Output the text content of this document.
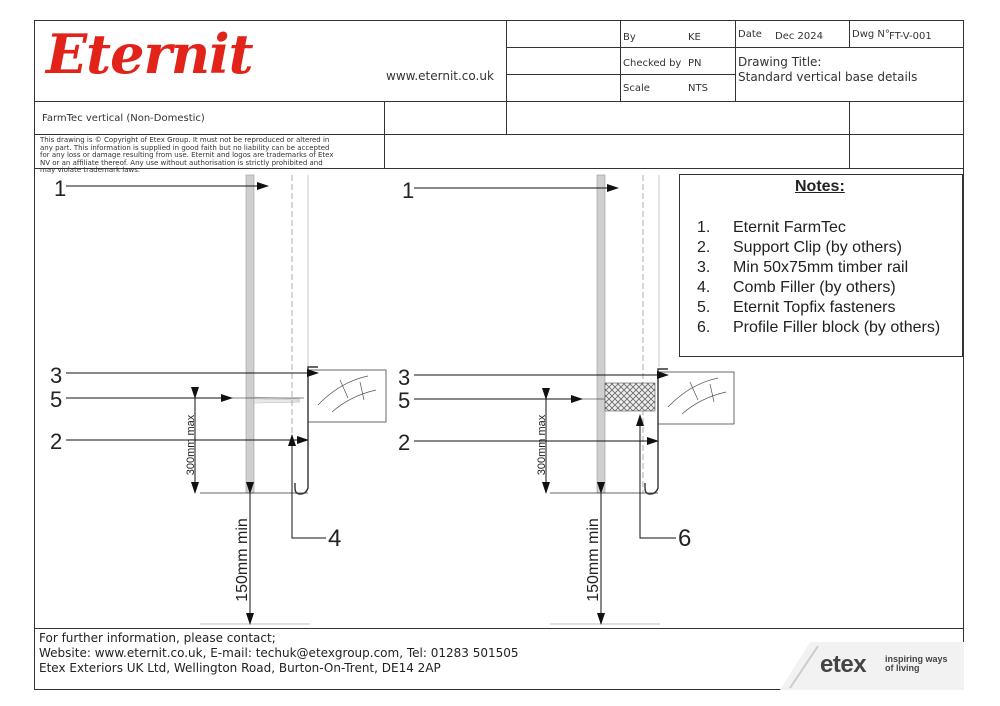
Eternit	www.eternit.co.uk
By	KE
Checked by PN
Scale	NTS
Date Dec 2024	Dwg N° FT-V-001
Drawing Title:
Standard vertical base details
FarmTec vertical (Non-Domestic)
This drawing is © Copyright of Etex Group. It must not be reproduced or altered in any part. This information is supplied in good faith but no liability can be accepted for any loss or damage resulting from use. Eternit and logos are trademarks of Etex NV or an affiliate thereof. Any use without authorisation is strictly prohibited and may violate trademark laws.
Notes:
1. Eternit FarmTec
2. Support Clip (by others)
3. Min 50x75mm timber rail
4. Comb Filler (by others)
5. Eternit Topfix fasteners
6. Profile Filler block (by others)
1
3
5
2
4
300mm max
150mm min
1
3
5
2
6
300mm max
150mm min
For further information, please contact;
Website: www.eternit.co.uk, E-mail: techuk@etexgroup.com, Tel: 01283 501505
Etex Exteriors UK Ltd, Wellington Road, Burton-On-Trent, DE14 2AP	etex inspiring ways
of living
